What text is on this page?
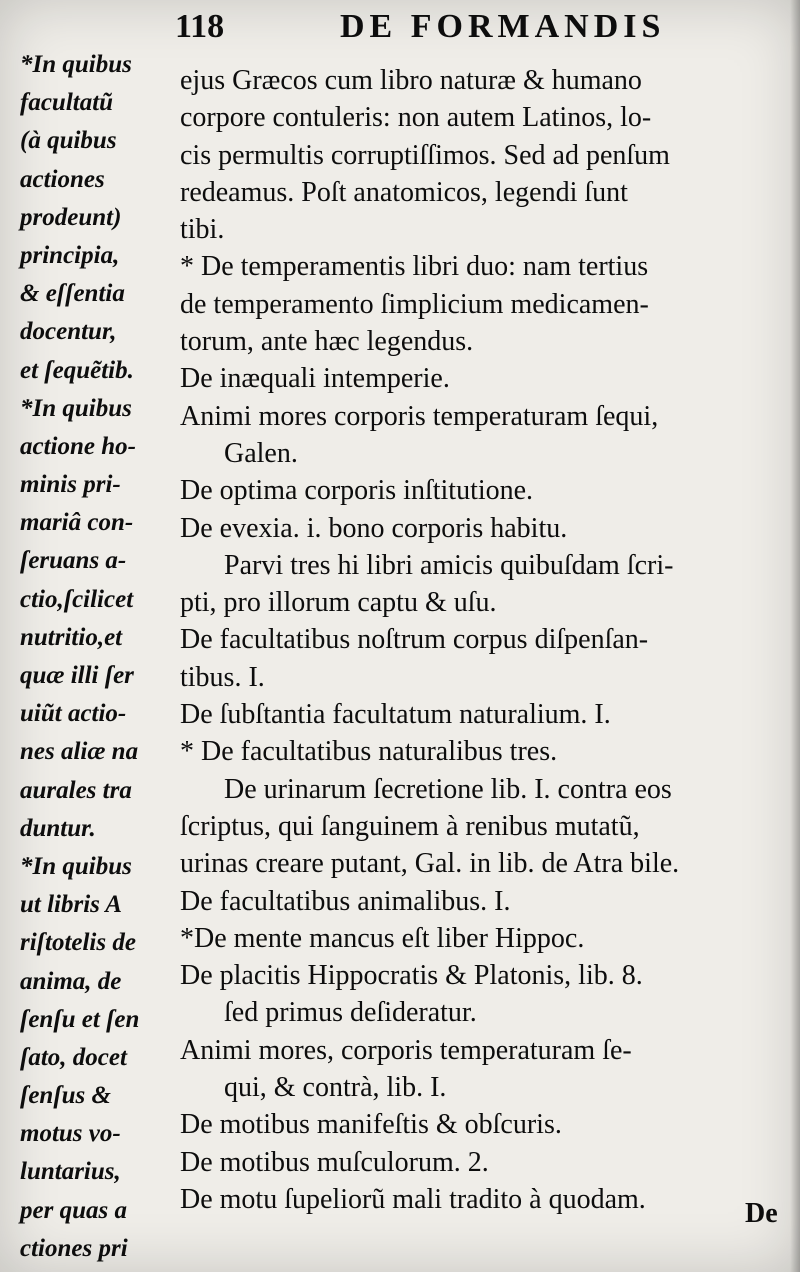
118	DE FORMANDIS
*In quibus
facultatũ
(à quibus
actiones
prodeunt)
principia,
& eſſentia
docentur,
et ſequẽtib.
*In quibus
actione ho-
minis pri-
mariâ con-
ſeruans a-
ctio,ſcilicet
nutritio,et
quæ illi ſer
uiũt actio-
nes aliæ na
aurales tra
duntur.
*In quibus
ut libris A
riſtotelis de
anima, de
ſenſu et ſen
ſato, docet
ſenſus &
motus vo-
luntarius,
per quas a
ctiones pri
ejus Græcos cum libro naturæ & humano
corpore contuleris: non autem Latinos, lo-
cis permultis corruptiſſimos. Sed ad penſum
redeamus. Poſt anatomicos, legendi ſunt
tibi.
* De temperamentis libri duo: nam tertius
de temperamento ſimplicium medicamen-
torum, ante hæc legendus.
De inæquali intemperie.
Animi mores corporis temperaturam ſequi,
Galen.
De optima corporis inſtitutione.
De evexia. i. bono corporis habitu.
Parvi tres hi libri amicis quibuſdam ſcri-
pti, pro illorum captu & uſu.
De facultatibus noſtrum corpus diſpenſan-
tibus. I.
De ſubſtantia facultatum naturalium. I.
* De facultatibus naturalibus tres.
De urinarum ſecretione lib. I. contra eos
ſcriptus, qui ſanguinem à renibus mutatũ,
urinas creare putant, Gal. in lib. de Atra bile.
De facultatibus animalibus. I.
*De mente mancus eſt liber Hippoc.
De placitis Hippocratis & Platonis, lib. 8.
ſed primus deſideratur.
Animi mores, corporis temperaturam ſe-
qui, & contrà, lib. I.
De motibus manifeſtis & obſcuris.
De motibus muſculorum. 2.
De motu ſupeliorũ mali tradito à quodam.	De
